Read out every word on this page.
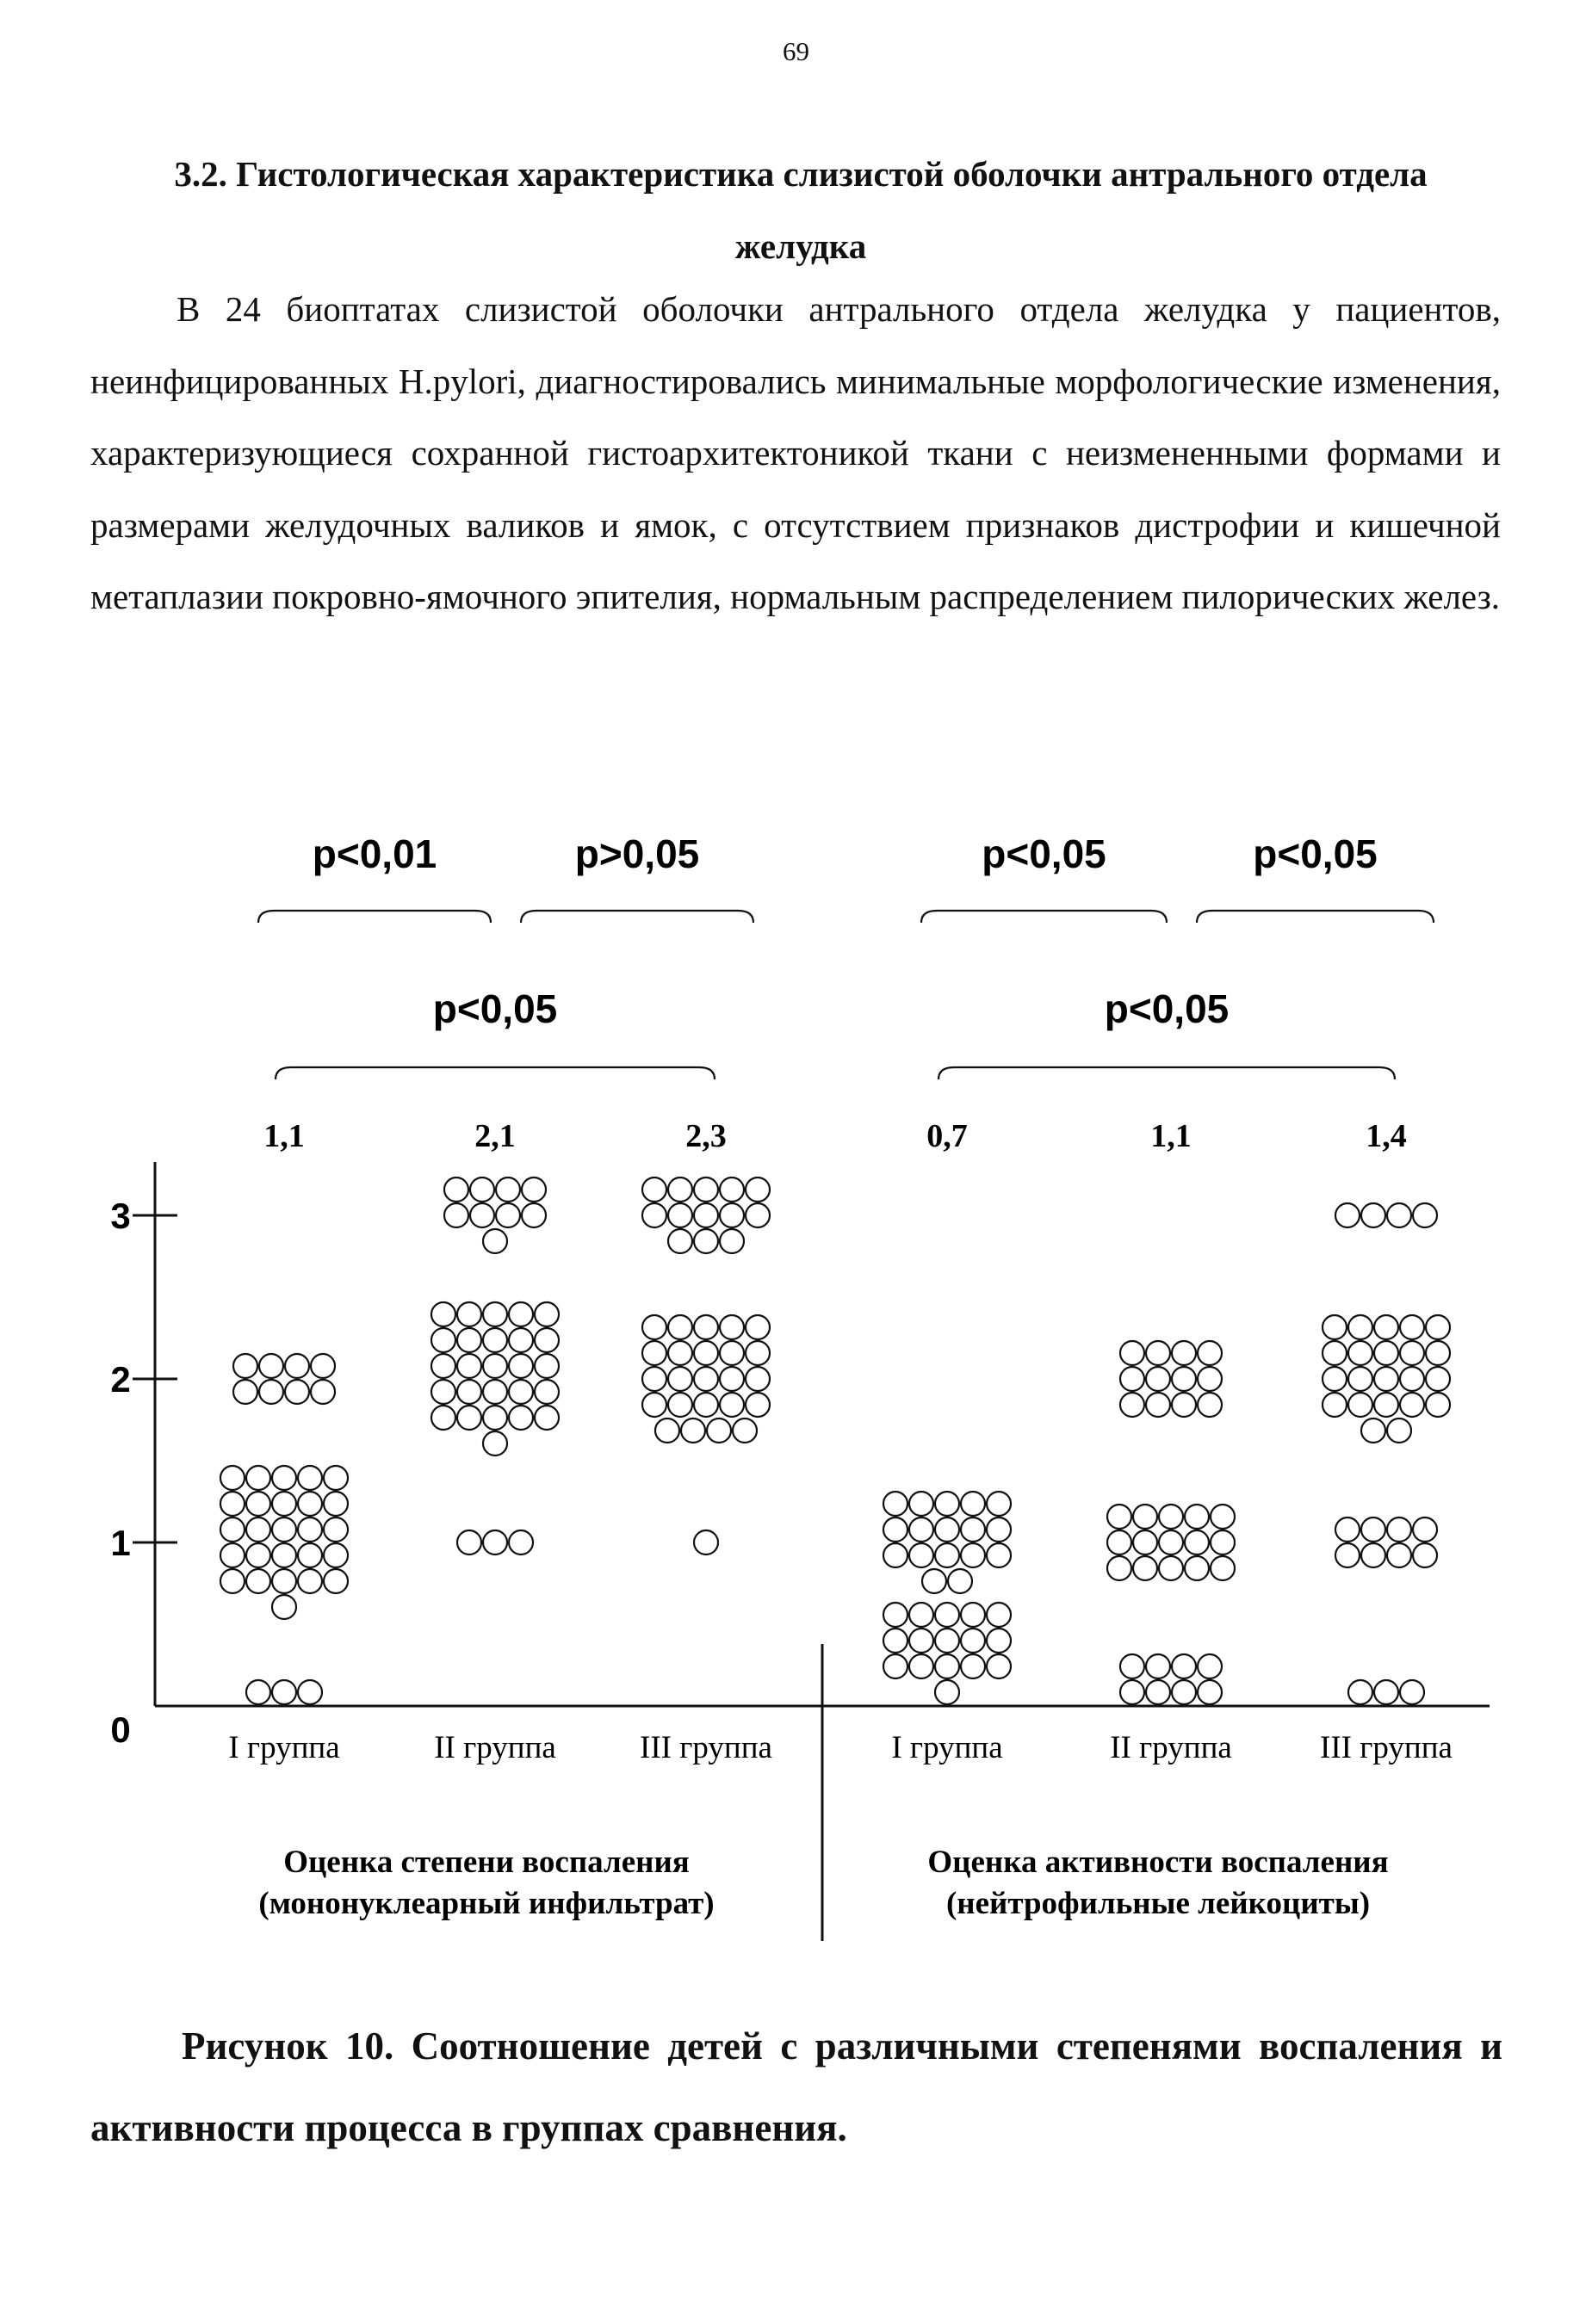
69
3.2. Гистологическая характеристика слизистой оболочки антрального отдела желудка
В 24 биоптатах слизистой оболочки антрального отдела желудка у пациентов, неинфицированных H.pylori, диагностировались минимальные морфологические изменения, характеризующиеся сохранной гистоархитектоникой ткани с неизмененными формами и размерами желудочных валиков и ямок, с отсутствием признаков дистрофии и кишечной метаплазии покровно-ямочного эпителия, нормальным распределением пилорических желез.
0
1
2
3
p<0,01	p>0,05
p<0,05
1,1
I группа
2,1
II группа
2,3
III группа
Оценка степени воспаления
(мононуклеарный инфильтрат)
p<0,05	p<0,05
p<0,05
0,7
I группа
1,1
II группа
1,4
III группа
Оценка активности воспаления
(нейтрофильные лейкоциты)
Рисунок 10. Соотношение детей с различными степенями воспаления и активности процесса в группах сравнения.
